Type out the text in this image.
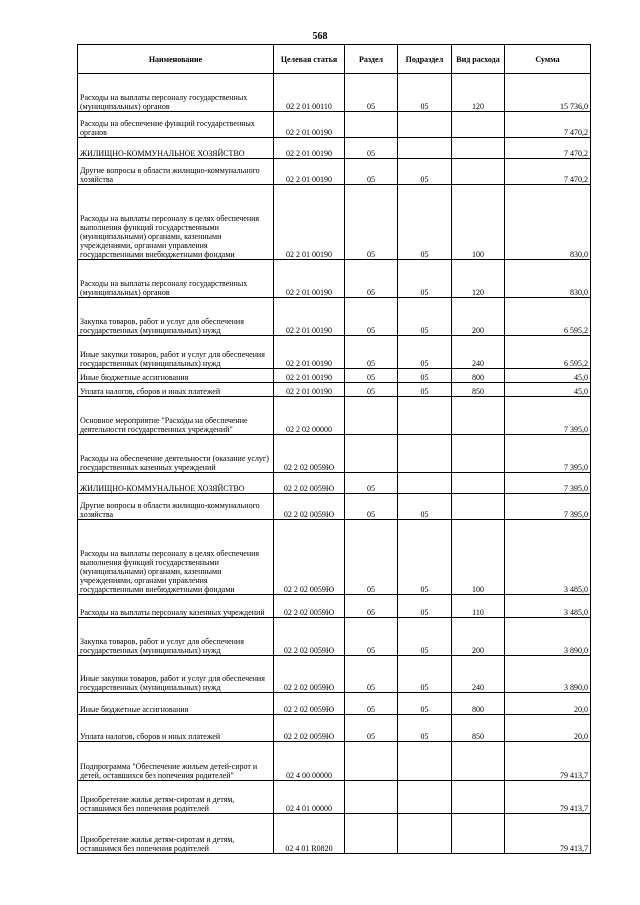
568
Наименование	Целевая статья	Раздел	Подраздел	Вид расхода	Сумма
Расходы на выплаты персоналу государственных (муниципальных) органов	02 2 01 00110	05	05	120	15 736,0
Расходы на обеспечение функций государственных органов	02 2 01 00190				7 470,2
ЖИЛИЩНО-КОММУНАЛЬНОЕ ХОЗЯЙСТВО	02 2 01 00190	05			7 470,2
Другие вопросы в области жилищно-коммунального хозяйства	02 2 01 00190	05	05		7 470,2
Расходы на выплаты персоналу в целях обеспечения выполнения функций государственными (муниципальными) органами, казенными учреждениями, органами управления государственными внебюджетными фондами	02 2 01 00190	05	05	100	830,0
Расходы на выплаты персоналу государственных (муниципальных) органов	02 2 01 00190	05	05	120	830,0
Закупка товаров, работ и услуг для обеспечения государственных (муниципальных) нужд	02 2 01 00190	05	05	200	6 595,2
Иные закупки товаров, работ и услуг для обеспечения государственных (муниципальных) нужд	02 2 01 00190	05	05	240	6 595,2
Иные бюджетные ассигнования	02 2 01 00190	05	05	800	45,0
Уплата налогов, сборов и иных платежей	02 2 01 00190	05	05	850	45,0
Основное мероприятие "Расходы на обеспечение деятельности государственных учреждений"	02 2 02 00000				7 395,0
Расходы на обеспечение деятельности (оказание услуг) государственных казенных учреждений	02 2 02 0059Ю				7 395,0
ЖИЛИЩНО-КОММУНАЛЬНОЕ ХОЗЯЙСТВО	02 2 02 0059Ю	05			7 395,0
Другие вопросы в области жилищно-коммунального хозяйства	02 2 02 0059Ю	05	05		7 395,0
Расходы на выплаты персоналу в целях обеспечения выполнения функций государственными (муниципальными) органами, казенными учреждениями, органами управления государственными внебюджетными фондами	02 2 02 0059Ю	05	05	100	3 485,0
Расходы на выплаты персоналу казенных учреждений	02 2 02 0059Ю	05	05	110	3 485,0
Закупка товаров, работ и услуг для обеспечения государственных (муниципальных) нужд	02 2 02 0059Ю	05	05	200	3 890,0
Иные закупки товаров, работ и услуг для обеспечения государственных (муниципальных) нужд	02 2 02 0059Ю	05	05	240	3 890,0
Иные бюджетные ассигнования	02 2 02 0059Ю	05	05	800	20,0
Уплата налогов, сборов и иных платежей	02 2 02 0059Ю	05	05	850	20,0
Подпрограмма "Обеспечение жильем детей-сирот и детей, оставшихся без попечения родителей"	02 4 00 00000				79 413,7
Приобретение жилья детям-сиротам и детям, оставшимся без попечения родителей	02 4 01 00000				79 413,7
Приобретение жилья детям-сиротам и детям, оставшимся без попечения родителей	02 4 01 R0820				79 413,7
